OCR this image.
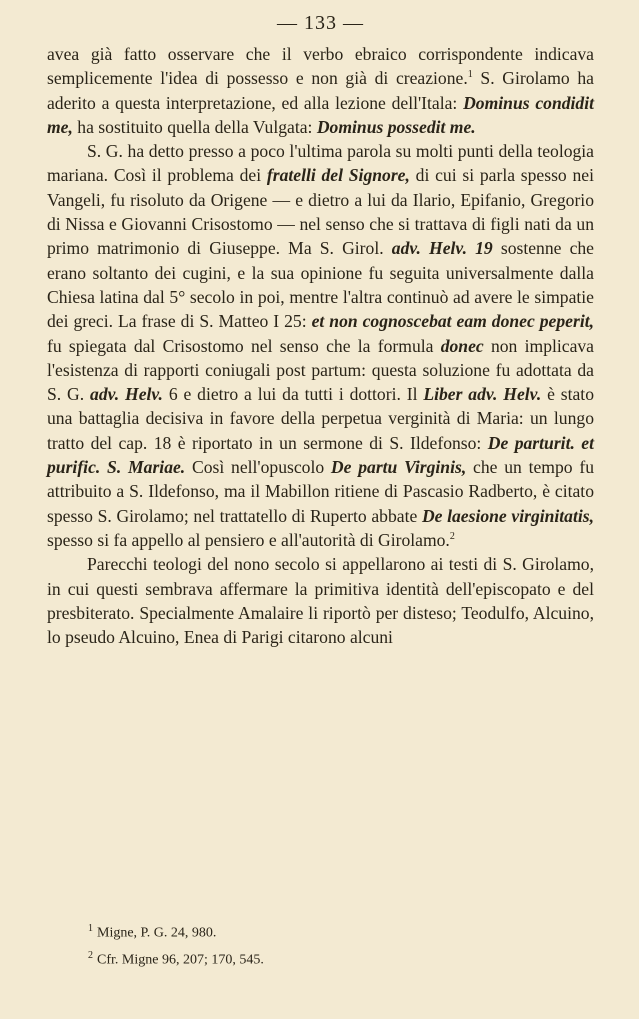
— 133 —

avea già fatto osservare che il verbo ebraico corrispondente indicava semplicemente l'idea di possesso e non già di creazione.$^1$ S. Girolamo ha aderito a questa interpretazione, ed alla lezione dell'Itala: Dominus condidit me, ha sostituito quella della Vulgata: Dominus possedit me.

S. G. ha detto presso a poco l'ultima parola su molti punti della teologia mariana. Così il problema dei fratelli del Signore, di cui si parla spesso nei Vangeli, fu risoluto da Origene — e dietro a lui da Ilario, Epifanio, Gregorio di Nissa e Giovanni Crisostomo — nel senso che si trattava di figli nati da un primo matrimonio di Giuseppe. Ma S. Girol. adv. Helv. 19 sostenne che erano soltanto dei cugini, e la sua opinione fu seguita universalmente dalla Chiesa latina dal 5° secolo in poi, mentre l'altra continuò ad avere le simpatie dei greci. La frase di S. Matteo I 25: et non cognoscebat eam donec peperit, fu spiegata dal Crisostomo nel senso che la formula donec non implicava l'esistenza di rapporti coniugali post partum: questa soluzione fu adottata da S. G. adv. Helv. 6 e dietro a lui da tutti i dottori. Il Liber adv. Helv. è stato una battaglia decisiva in favore della perpetua verginità di Maria: un lungo tratto del cap. 18 è riportato in un sermone di S. Ildefonso: De parturit. et purific. S. Mariae. Così nell'opuscolo De partu Virginis, che un tempo fu attribuito a S. Ildefonso, ma il Mabillon ritiene di Pascasio Radberto, è citato spesso S. Girolamo; nel trattatello di Ruperto abbate De laesione virginitatis, spesso si fa appello al pensiero e all'autorità di Girolamo.$^2$

Parecchi teologi del nono secolo si appellarono ai testi di S. Girolamo, in cui questi sembrava affermare la primitiva identità dell'episcopato e del presbiterato. Specialmente Amalaire li riportò per disteso; Teodulfo, Alcuino, lo pseudo Alcuino, Enea di Parigi citarono alcuni

$^1$ Migne, P. G. 24, 980.
$^2$ Cfr. Migne 96, 207; 170, 545.
